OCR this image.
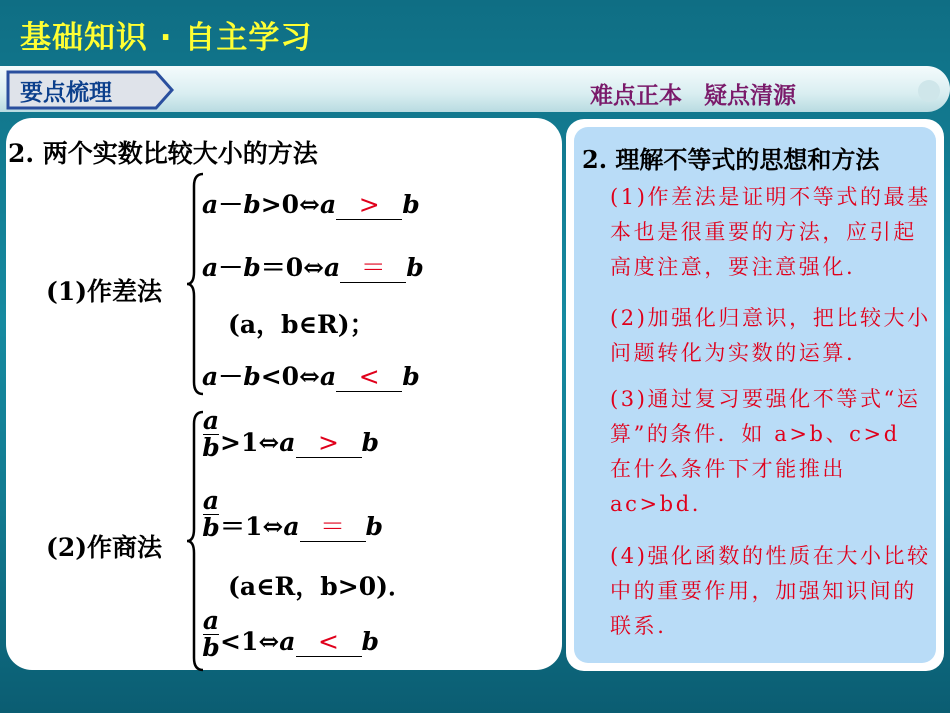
基础知识 · 自主学习
要点梳理	难点正本 疑点清源
2. 两个实数比较大小的方法
(1)作差法
a－b>0⇔a > b
a－b＝0⇔a ＝ b
(a，b∈R)；
a－b<0⇔a < b
(2)作商法
a
b >1⇔a > b
a
b ＝1⇔a ＝ b
(a∈R，b>0)．
a
b <1⇔a < b
2. 理解不等式的思想和方法
(1)作差法是证明不等式的最基本也是很重要的方法，应引起高度注意，要注意强化.
(2)加强化归意识，把比较大小问题转化为实数的运算.
(3)通过复习要强化不等式“运算”的条件．如 a>b、c>d 在什么条件下才能推出ac>bd.
(4)强化函数的性质在大小比较中的重要作用，加强知识间的联系.
